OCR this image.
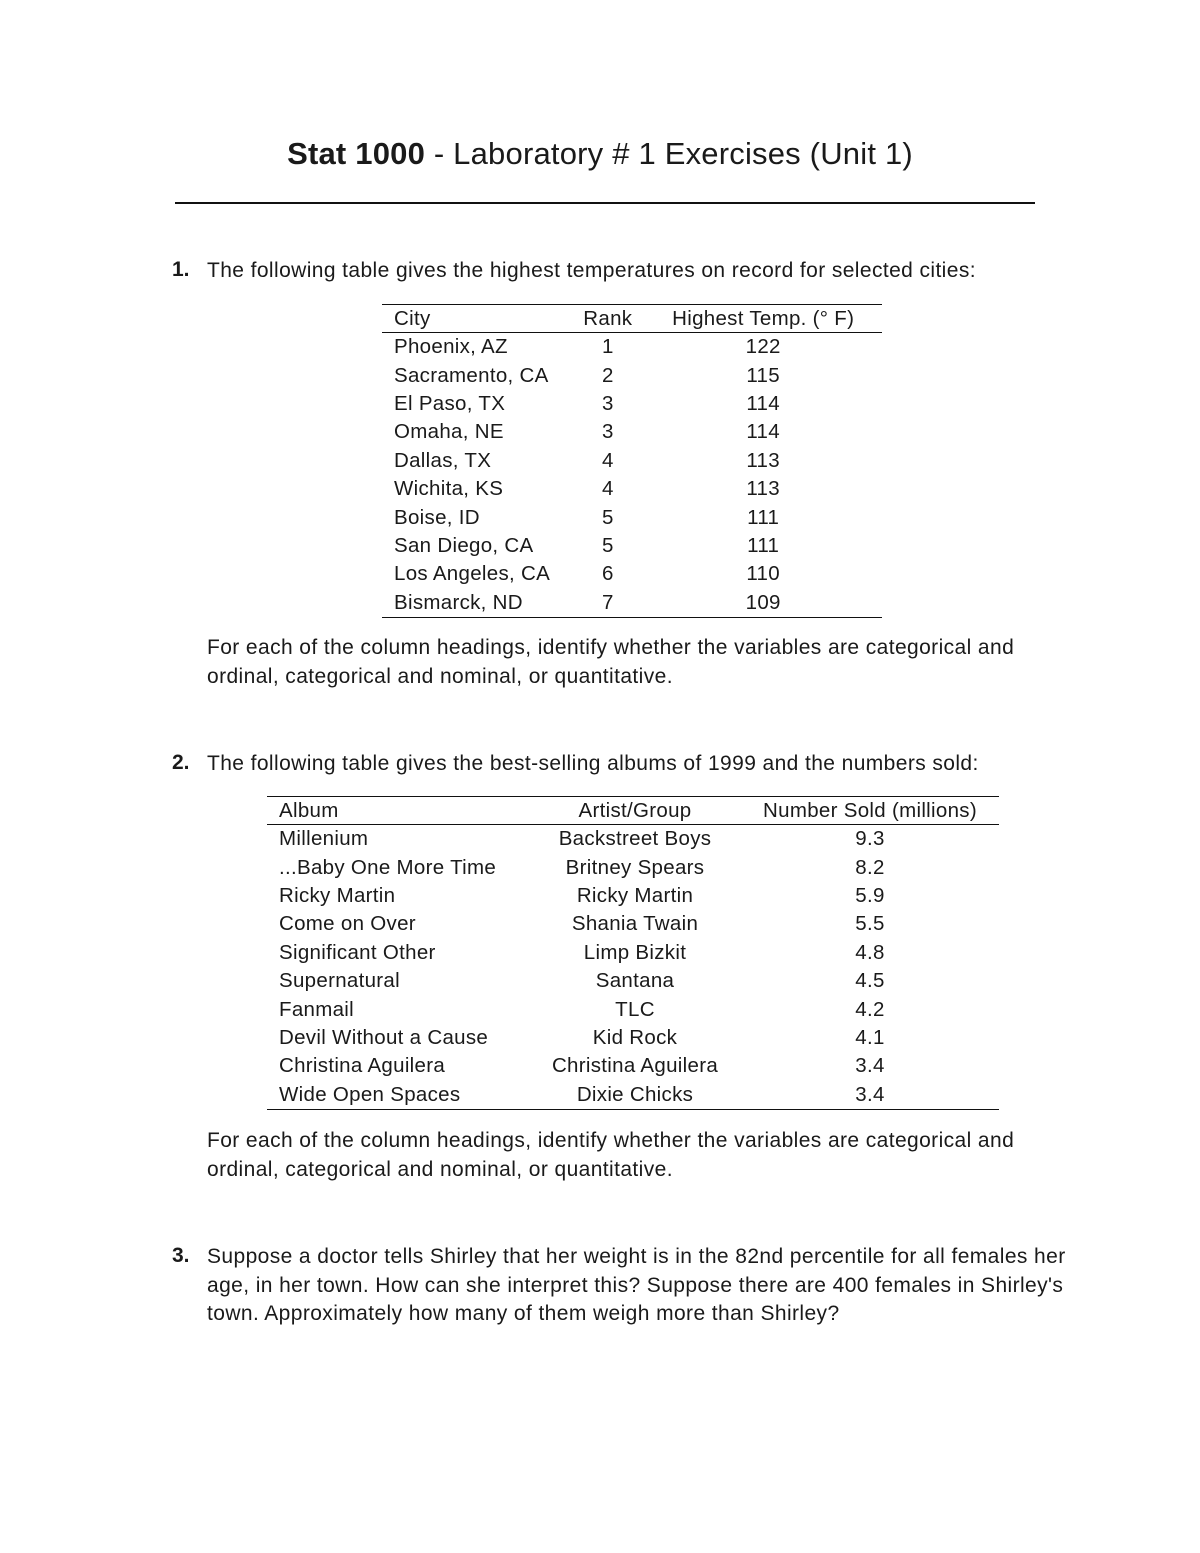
Stat 1000 - Laboratory # 1 Exercises (Unit 1)
1. The following table gives the highest temperatures on record for selected cities:
City	Rank	Highest Temp. (° F)
Phoenix, AZ	1	122
Sacramento, CA	2	115
El Paso, TX	3	114
Omaha, NE	3	114
Dallas, TX	4	113
Wichita, KS	4	113
Boise, ID	5	111
San Diego, CA	5	111
Los Angeles, CA	6	110
Bismarck, ND	7	109
For each of the column headings, identify whether the variables are categorical and ordinal, categorical and nominal, or quantitative.
2. The following table gives the best-selling albums of 1999 and the numbers sold:
Album	Artist/Group	Number Sold (millions)
Millenium	Backstreet Boys	9.3
...Baby One More Time	Britney Spears	8.2
Ricky Martin	Ricky Martin	5.9
Come on Over	Shania Twain	5.5
Significant Other	Limp Bizkit	4.8
Supernatural	Santana	4.5
Fanmail	TLC	4.2
Devil Without a Cause	Kid Rock	4.1
Christina Aguilera	Christina Aguilera	3.4
Wide Open Spaces	Dixie Chicks	3.4
For each of the column headings, identify whether the variables are categorical and ordinal, categorical and nominal, or quantitative.
3. Suppose a doctor tells Shirley that her weight is in the 82nd percentile for all females her age, in her town. How can she interpret this? Suppose there are 400 females in Shirley's town. Approximately how many of them weigh more than Shirley?
